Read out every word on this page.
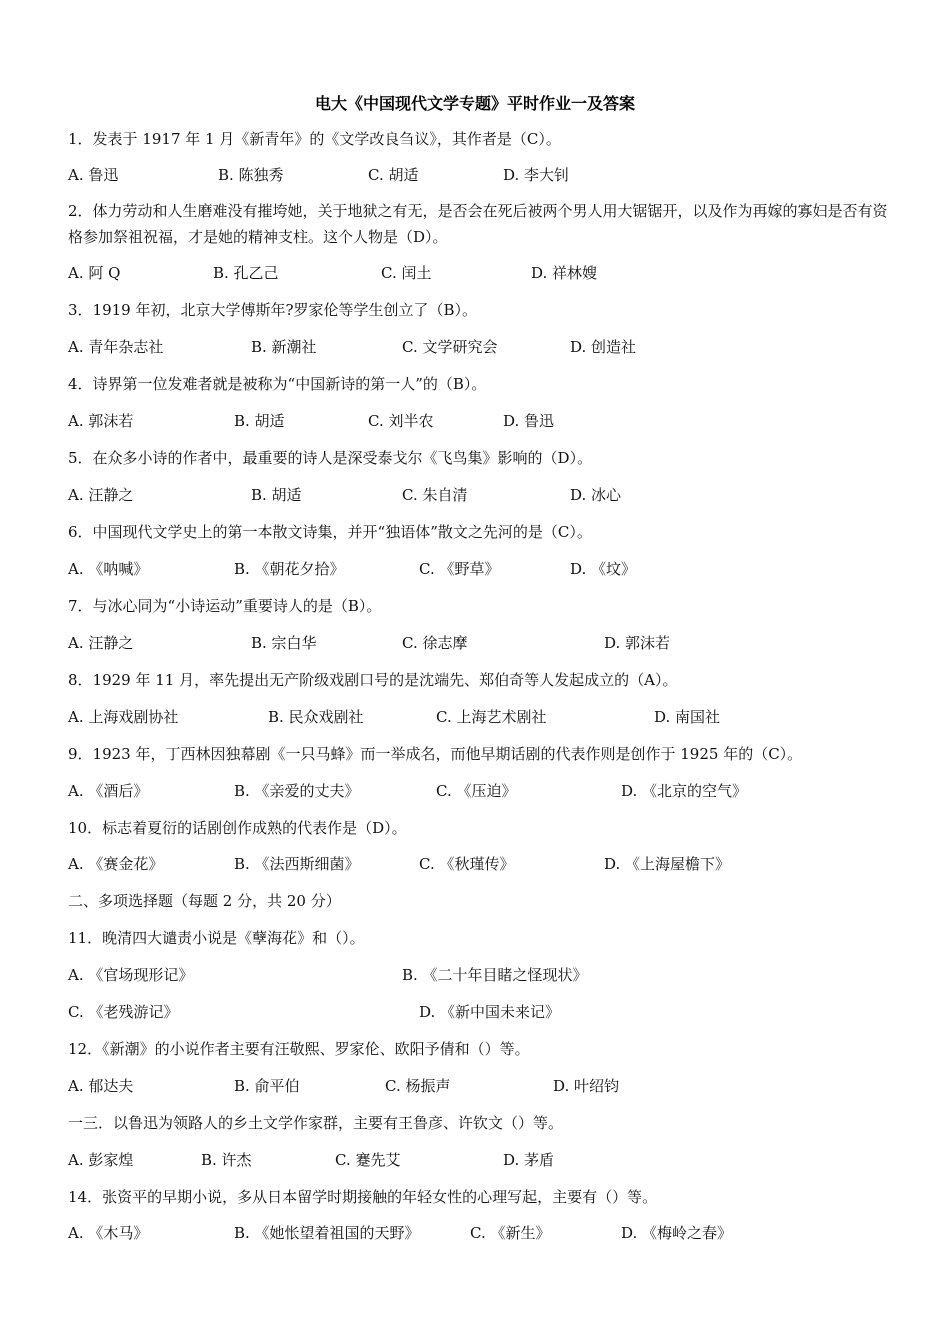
电大《中国现代文学专题》平时作业一及答案
1．发表于 1917 年 1 月《新青年》的《文学改良刍议》，其作者是（C）。
A. 鲁迅	B. 陈独秀	C. 胡适	D. 李大钊
2．体力劳动和人生磨难没有摧垮她，关于地狱之有无，是否会在死后被两个男人用大锯锯开，以及作为再嫁的寡妇是否有资格参加祭祖祝福，才是她的精神支柱。这个人物是（D）。
A. 阿 Q	B. 孔乙己	C. 闰土	D. 祥林嫂
3．1919 年初，北京大学傅斯年?罗家伦等学生创立了（B）。
A. 青年杂志社	B. 新潮社	C. 文学研究会	D. 创造社
4．诗界第一位发难者就是被称为“中国新诗的第一人”的（B）。
A. 郭沫若	B. 胡适	C. 刘半农	D. 鲁迅
5．在众多小诗的作者中，最重要的诗人是深受泰戈尔《飞鸟集》影响的（D）。
A. 汪静之	B. 胡适	C. 朱自清	D. 冰心
6．中国现代文学史上的第一本散文诗集，并开“独语体”散文之先河的是（C）。
A. 《呐喊》	B. 《朝花夕拾》	C. 《野草》	D. 《坟》
7．与冰心同为“小诗运动”重要诗人的是（B）。
A. 汪静之	B. 宗白华	C. 徐志摩	D. 郭沫若
8．1929 年 11 月，率先提出无产阶级戏剧口号的是沈端先、郑伯奇等人发起成立的（A）。
A. 上海戏剧协社	B. 民众戏剧社	C. 上海艺术剧社	D. 南国社
9．1923 年，丁西林因独幕剧《一只马蜂》而一举成名，而他早期话剧的代表作则是创作于 1925 年的（C）。
A. 《酒后》	B. 《亲爱的丈夫》	C. 《压迫》	D. 《北京的空气》
10．标志着夏衍的话剧创作成熟的代表作是（D）。
A. 《赛金花》	B. 《法西斯细菌》	C. 《秋瑾传》	D. 《上海屋檐下》
二、多项选择题（每题 2 分，共 20 分）
11．晚清四大谴责小说是《孽海花》和（）。
A. 《官场现形记》	B. 《二十年目睹之怪现状》
C. 《老残游记》	D. 《新中国未来记》
12．《新潮》的小说作者主要有汪敬熙、罗家伦、欧阳予倩和（）等。
A. 郁达夫	B. 俞平伯	C. 杨振声	D. 叶绍钧
一三．以鲁迅为领路人的乡土文学作家群，主要有王鲁彦、许钦文（）等。
A. 彭家煌	B. 许杰	C. 蹇先艾	D. 茅盾
14．张资平的早期小说，多从日本留学时期接触的年轻女性的心理写起，主要有（）等。
A. 《木马》	B. 《她怅望着祖国的天野》	C. 《新生》	D. 《梅岭之春》
